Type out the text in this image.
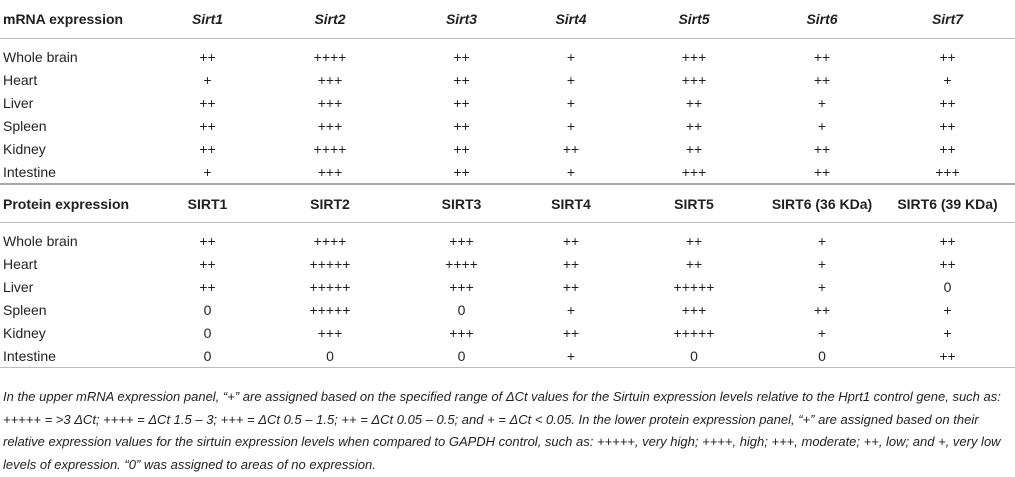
mRNA expression	Sirt1	Sirt2	Sirt3	Sirt4	Sirt5	Sirt6	Sirt7

Whole brain	++	++++	++	+	+++	++	++
Heart	+	+++	++	+	+++	++	+
Liver	++	+++	++	+	++	+	++
Spleen	++	+++	++	+	++	+	++
Kidney	++	++++	++	++	++	++	++
Intestine	+	+++	++	+	+++	++	+++

Protein expression	SIRT1	SIRT2	SIRT3	SIRT4	SIRT5	SIRT6 (36 KDa)	SIRT6 (39 KDa)

Whole brain	++	++++	+++	++	++	+	++
Heart	++	+++++	++++	++	++	+	++
Liver	++	+++++	+++	++	+++++	+	0
Spleen	0	+++++	0	+	+++	++	+
Kidney	0	+++	+++	++	+++++	+	+
Intestine	0	0	0	+	0	0	++

In the upper mRNA expression panel, “+” are assigned based on the specified range of ΔCt values for the Sirtuin expression levels relative to the Hprt1 control gene, such as: +++++ = >3 ΔCt; ++++ = ΔCt 1.5 – 3; +++ = ΔCt 0.5 – 1.5; ++ = ΔCt 0.05 – 0.5; and + = ΔCt < 0.05. In the lower protein expression panel, “+” are assigned based on their relative expression values for the sirtuin expression levels when compared to GAPDH control, such as: +++++, very high; ++++, high; +++, moderate; ++, low; and +, very low levels of expression. “0” was assigned to areas of no expression.
